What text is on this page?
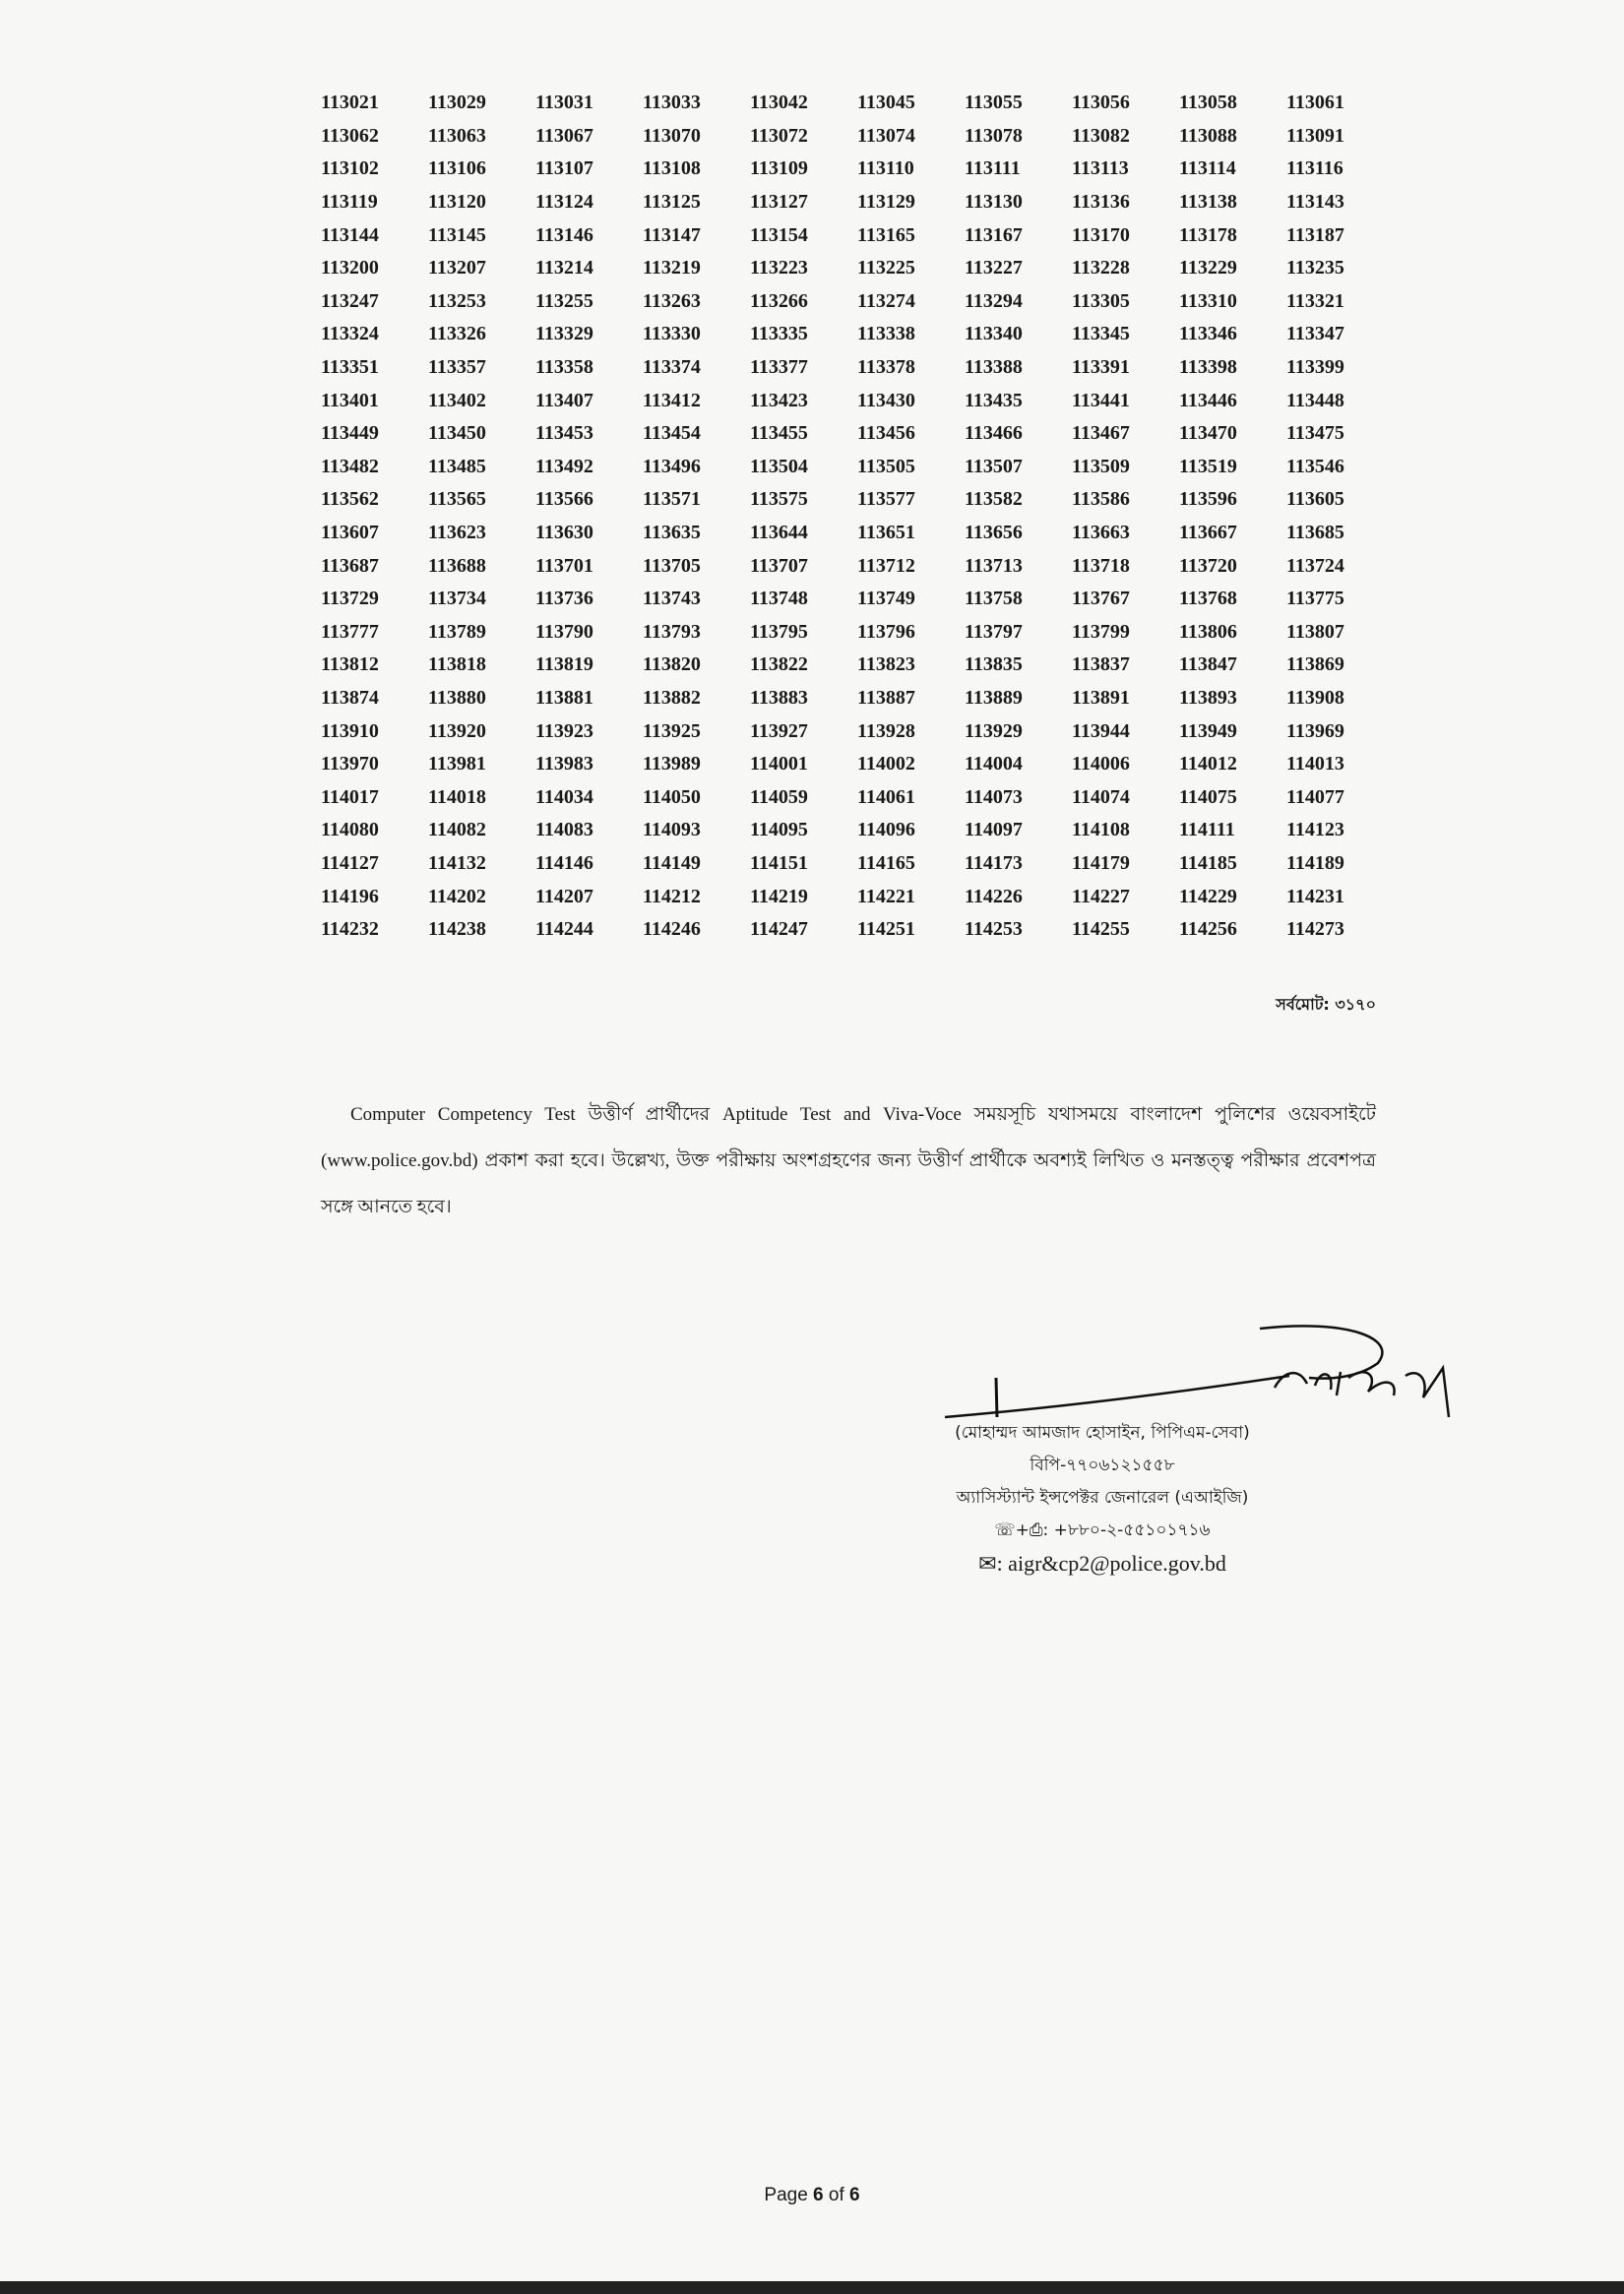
113021	113029	113031	113033	113042	113045	113055	113056	113058	113061
113062	113063	113067	113070	113072	113074	113078	113082	113088	113091
113102	113106	113107	113108	113109	113110	113111	113113	113114	113116
113119	113120	113124	113125	113127	113129	113130	113136	113138	113143
113144	113145	113146	113147	113154	113165	113167	113170	113178	113187
113200	113207	113214	113219	113223	113225	113227	113228	113229	113235
113247	113253	113255	113263	113266	113274	113294	113305	113310	113321
113324	113326	113329	113330	113335	113338	113340	113345	113346	113347
113351	113357	113358	113374	113377	113378	113388	113391	113398	113399
113401	113402	113407	113412	113423	113430	113435	113441	113446	113448
113449	113450	113453	113454	113455	113456	113466	113467	113470	113475
113482	113485	113492	113496	113504	113505	113507	113509	113519	113546
113562	113565	113566	113571	113575	113577	113582	113586	113596	113605
113607	113623	113630	113635	113644	113651	113656	113663	113667	113685
113687	113688	113701	113705	113707	113712	113713	113718	113720	113724
113729	113734	113736	113743	113748	113749	113758	113767	113768	113775
113777	113789	113790	113793	113795	113796	113797	113799	113806	113807
113812	113818	113819	113820	113822	113823	113835	113837	113847	113869
113874	113880	113881	113882	113883	113887	113889	113891	113893	113908
113910	113920	113923	113925	113927	113928	113929	113944	113949	113969
113970	113981	113983	113989	114001	114002	114004	114006	114012	114013
114017	114018	114034	114050	114059	114061	114073	114074	114075	114077
114080	114082	114083	114093	114095	114096	114097	114108	114111	114123
114127	114132	114146	114149	114151	114165	114173	114179	114185	114189
114196	114202	114207	114212	114219	114221	114226	114227	114229	114231
114232	114238	114244	114246	114247	114251	114253	114255	114256	114273
সর্বমোট: ৩১৭০

Computer Competency Test উত্তীর্ণ প্রার্থীদের Aptitude Test and Viva-Voce সময়সূচি যথাসময়ে বাংলাদেশ পুলিশের ওয়েবসাইটে (www.police.gov.bd) প্রকাশ করা হবে। উল্লেখ্য, উক্ত পরীক্ষায় অংশগ্রহণের জন্য উত্তীর্ণ প্রার্থীকে অবশ্যই লিখিত ও মনস্তত্ত্ব পরীক্ষার প্রবেশপত্র সঙ্গে আনতে হবে।

(মোহাম্মদ আমজাদ হোসাইন, পিপিএম-সেবা)
বিপি-৭৭০৬১২১৫৫৮
অ্যাসিস্ট্যান্ট ইন্সপেক্টর জেনারেল (এআইজি)
☏+⎙: +৮৮০-২-৫৫১০১৭১৬
✉: aigr&cp2@police.gov.bd
Page 6 of 6
